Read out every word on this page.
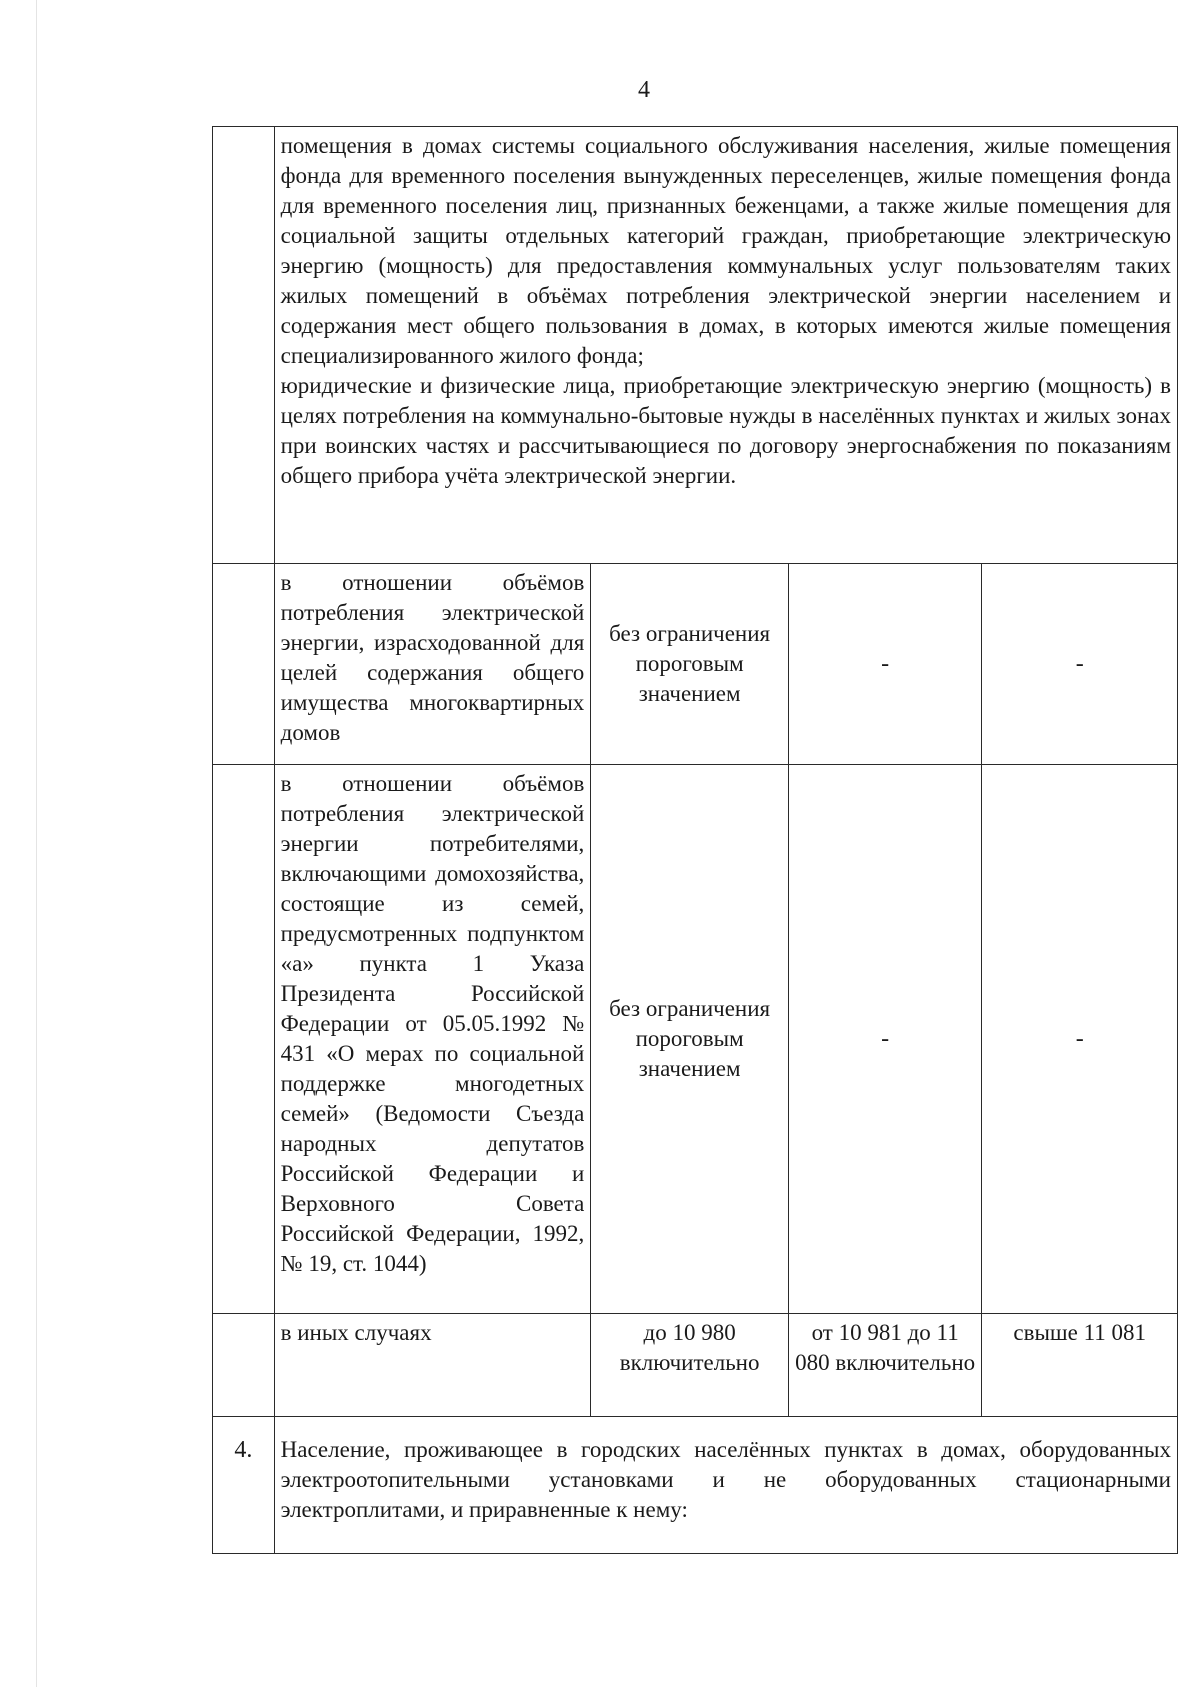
4

	помещения в домах системы социального обслуживания населения, жилые помещения фонда для временного поселения вынужденных переселенцев, жилые помещения фонда для временного поселения лиц, признанных беженцами, а также жилые помещения для социальной защиты отдельных категорий граждан, приобретающие электрическую энергию (мощность) для предоставления коммунальных услуг пользователям таких жилых помещений в объёмах потребления электрической энергии населением и содержания мест общего пользования в домах, в которых имеются жилые помещения специализированного жилого фонда;

юридические и физические лица, приобретающие электрическую энергию (мощность) в целях потребления на коммунально-бытовые нужды в населённых пунктах и жилых зонах при воинских частях и рассчитывающиеся по договору энергоснабжения по показаниям общего прибора учёта электрической энергии.			

	в отношении объёмов потребления электрической энергии, израсходованной для целей содержания общего имущества многоквартирных домов	без ограничения пороговым значением	-	-
	в отношении объёмов потребления электрической энергии потребителями, включающими домохозяйства, состоящие из семей, предусмотренных подпунктом «а» пункта 1 Указа Президента Российской Федерации от 05.05.1992 № 431 «О мерах по социальной поддержке многодетных семей» (Ведомости Съезда народных депутатов Российской Федерации и Верховного Совета Российской Федерации, 1992, № 19, ст. 1044)	без ограничения пороговым значением	-	-
	в иных случаях	до 10 980 включительно	от 10 981 до 11 080 включительно	свыше 11 081
4.	Население, проживающее в городских населённых пунктах в домах, оборудованных электроотопительными установками и не оборудованных стационарными электроплитами, и приравненные к нему:			
